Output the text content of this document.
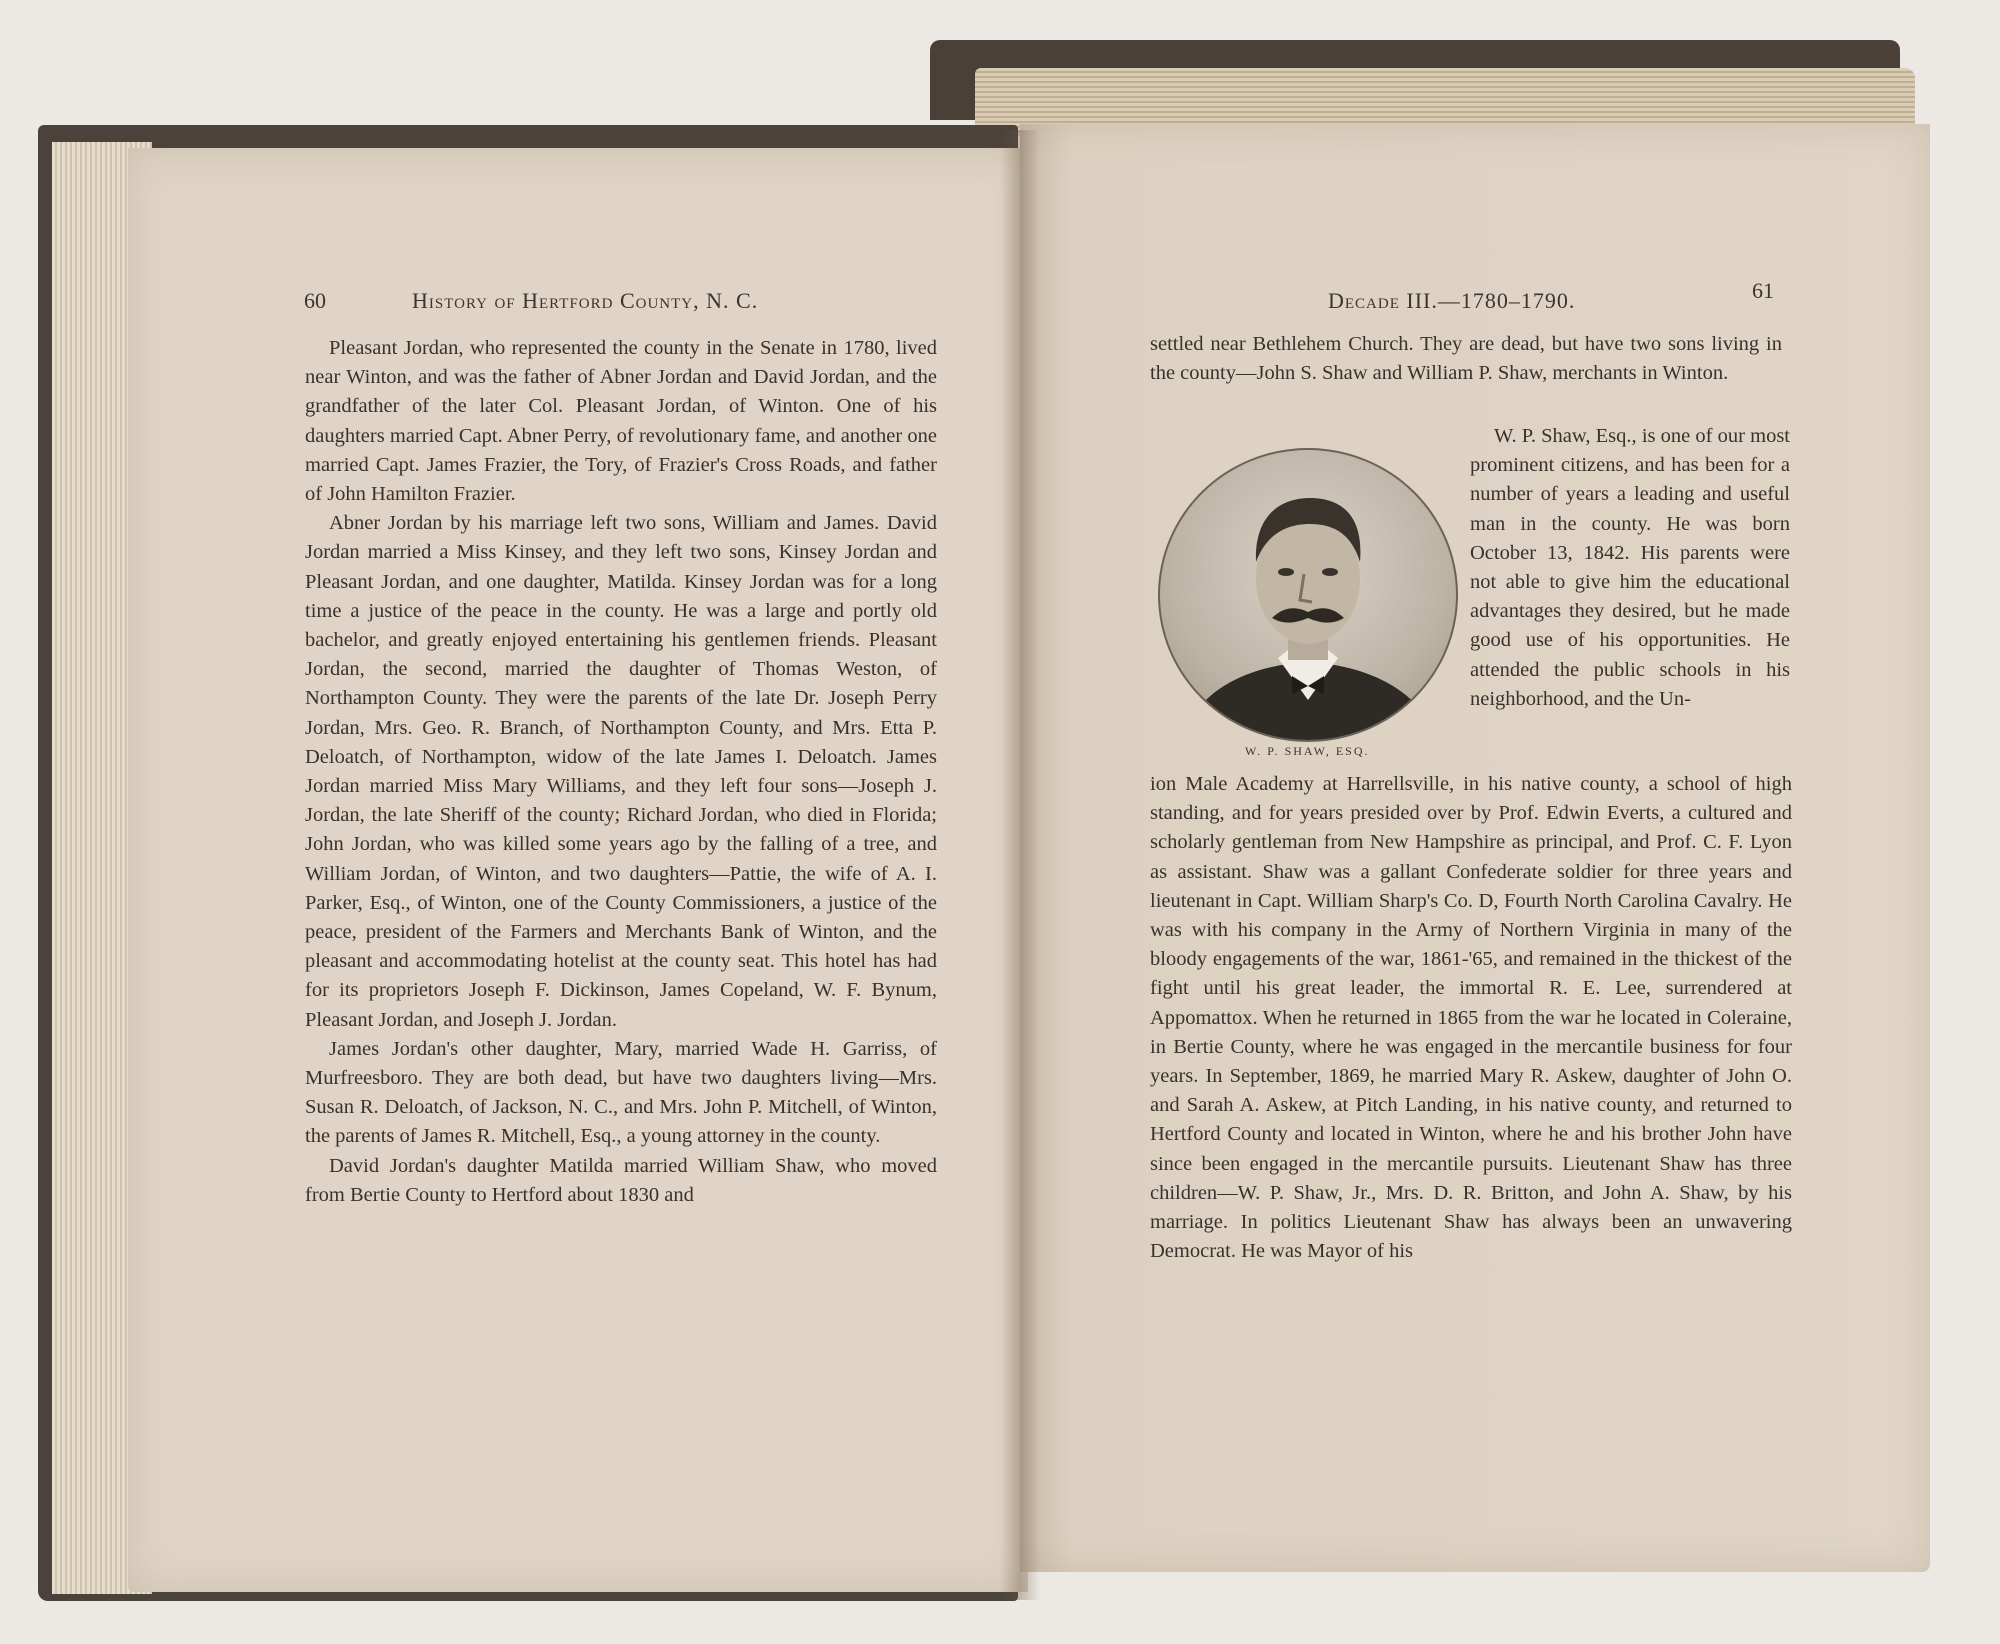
60	History of Hertford County, N. C.

Pleasant Jordan, who represented the county in the Senate in 1780, lived near Winton, and was the father of Abner Jordan and David Jordan, and the grandfather of the later Col. Pleasant Jordan, of Winton. One of his daughters married Capt. Abner Perry, of revolutionary fame, and another one married Capt. James Frazier, the Tory, of Frazier's Cross Roads, and father of John Hamilton Frazier.

Abner Jordan by his marriage left two sons, William and James. David Jordan married a Miss Kinsey, and they left two sons, Kinsey Jordan and Pleasant Jordan, and one daughter, Matilda. Kinsey Jordan was for a long time a justice of the peace in the county. He was a large and portly old bachelor, and greatly enjoyed entertaining his gentlemen friends. Pleasant Jordan, the second, married the daughter of Thomas Weston, of Northampton County. They were the parents of the late Dr. Joseph Perry Jordan, Mrs. Geo. R. Branch, of Northampton County, and Mrs. Etta P. Deloatch, of Northampton, widow of the late James I. Deloatch. James Jordan married Miss Mary Williams, and they left four sons—Joseph J. Jordan, the late Sheriff of the county; Richard Jordan, who died in Florida; John Jordan, who was killed some years ago by the falling of a tree, and William Jordan, of Winton, and two daughters—Pattie, the wife of A. I. Parker, Esq., of Winton, one of the County Commissioners, a justice of the peace, president of the Farmers and Merchants Bank of Winton, and the pleasant and accommodating hotelist at the county seat. This hotel has had for its proprietors Joseph F. Dickinson, James Copeland, W. F. Bynum, Pleasant Jordan, and Joseph J. Jordan.

James Jordan's other daughter, Mary, married Wade H. Garriss, of Murfreesboro. They are both dead, but have two daughters living—Mrs. Susan R. Deloatch, of Jackson, N. C., and Mrs. John P. Mitchell, of Winton, the parents of James R. Mitchell, Esq., a young attorney in the county.

David Jordan's daughter Matilda married William Shaw, who moved from Bertie County to Hertford about 1830 and

Decade III.—1780–1790.	61

settled near Bethlehem Church. They are dead, but have two sons living in the county—John S. Shaw and William P. Shaw, merchants in Winton.

W. P. SHAW, ESQ.

W. P. Shaw, Esq., is one of our most prominent citizens, and has been for a number of years a leading and useful man in the county. He was born October 13, 1842. His parents were not able to give him the educational advantages they desired, but he made good use of his opportunities. He attended the public schools in his neighborhood, and the Un-

ion Male Academy at Harrellsville, in his native county, a school of high standing, and for years presided over by Prof. Edwin Everts, a cultured and scholarly gentleman from New Hampshire as principal, and Prof. C. F. Lyon as assistant. Shaw was a gallant Confederate soldier for three years and lieutenant in Capt. William Sharp's Co. D, Fourth North Carolina Cavalry. He was with his company in the Army of Northern Virginia in many of the bloody engagements of the war, 1861-'65, and remained in the thickest of the fight until his great leader, the immortal R. E. Lee, surrendered at Appomattox. When he returned in 1865 from the war he located in Coleraine, in Bertie County, where he was engaged in the mercantile business for four years. In September, 1869, he married Mary R. Askew, daughter of John O. and Sarah A. Askew, at Pitch Landing, in his native county, and returned to Hertford County and located in Winton, where he and his brother John have since been engaged in the mercantile pursuits. Lieutenant Shaw has three children—W. P. Shaw, Jr., Mrs. D. R. Britton, and John A. Shaw, by his marriage. In politics Lieutenant Shaw has always been an unwavering Democrat. He was Mayor of his
